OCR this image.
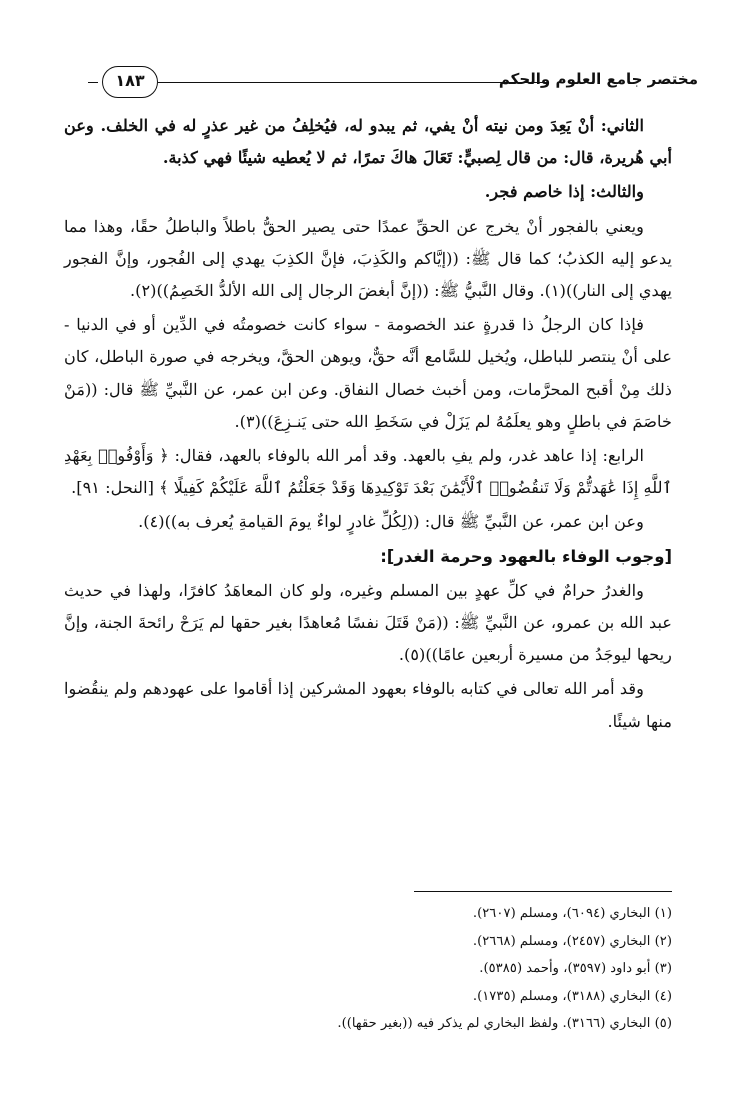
١٨٣	مختصر جامع العلوم والحكم

الثاني: أنْ يَعِدَ ومن نيته أنْ يفي، ثم يبدو له، فيُخلِفُ من غير عذرٍ له في الخلف. وعن أبي هُريرة، قال: من قال لِصبيٍّ: تَعَالَ هاكَ تمرًا، ثم لا يُعطيه شيئًا فهي كذبة.

والثالث: إذا خاصم فجر.

ويعني بالفجور أنْ يخرج عن الحقِّ عمدًا حتى يصير الحقُّ باطلاً والباطلُ حقًا، وهذا مما يدعو إليه الكذبُ؛ كما قال ﷺ: ((إيَّاكم والكَذِبَ، فإنَّ الكذِبَ يهدي إلى الفُجور، وإنَّ الفجور يهدي إلى النار))(١). وقال النَّبيُّ ﷺ: ((إنَّ أبغضَ الرجال إلى الله الألدُّ الخَصِمُ))(٢).

فإذا كان الرجلُ ذا قدرةٍ عند الخصومة - سواء كانت خصومتُه في الدِّين أو في الدنيا - على أنْ ينتصر للباطل، ويُخيل للسَّامع أنَّه حقٌّ، ويوهن الحقَّ، ويخرجه في صورة الباطل، كان ذلك مِنْ أقبح المحرَّمات، ومن أخبث خصال النفاق. وعن ابن عمر، عن النَّبيِّ ﷺ قال: ((مَنْ خاصَمَ في باطلٍ وهو يعلَمُهُ لم يَزَلْ في سَخَطِ الله حتى يَنـزِعَ))(٣).

الرابع: إذا عاهد غدر، ولم يفِ بالعهد. وقد أمر الله بالوفاء بالعهد، فقال: ﴿ وَأَوْفُوا۟ بِعَهْدِ ٱللَّهِ إِذَا عَٰهَدتُّمْ وَلَا تَنقُضُوا۟ ٱلْأَيْمَٰنَ بَعْدَ تَوْكِيدِهَا وَقَدْ جَعَلْتُمُ ٱللَّهَ عَلَيْكُمْ كَفِيلًا ﴾ [النحل: ٩١].

وعن ابن عمر، عن النَّبيِّ ﷺ قال: ((لِكُلِّ غادرٍ لواءٌ يومَ القيامةِ يُعرف به))(٤).

[وجوب الوفاء بالعهود وحرمة الغدر]:

والغدرُ حرامٌ في كلِّ عهدٍ بين المسلم وغيره، ولو كان المعاهَدُ كافرًا، ولهذا في حديث عبد الله بن عمرو، عن النَّبيِّ ﷺ: ((مَنْ قَتَلَ نفسًا مُعاهدًا بغير حقها لم يَرَحْ رائحةَ الجنة، وإنَّ ريحها ليوجَدُ من مسيرة أربعين عامًا))(٥).

وقد أمر الله تعالى في كتابه بالوفاء بعهود المشركين إذا أقاموا على عهودهم ولم ينقُضوا منها شيئًا.

(١) البخاري (٦٠٩٤)، ومسلم (٢٦٠٧).
(٢) البخاري (٢٤٥٧)، ومسلم (٢٦٦٨).
(٣) أبو داود (٣٥٩٧)، وأحمد (٥٣٨٥).
(٤) البخاري (٣١٨٨)، ومسلم (١٧٣٥).
(٥) البخاري (٣١٦٦). ولفظ البخاري لم يذكر فيه ((بغير حقها)).
